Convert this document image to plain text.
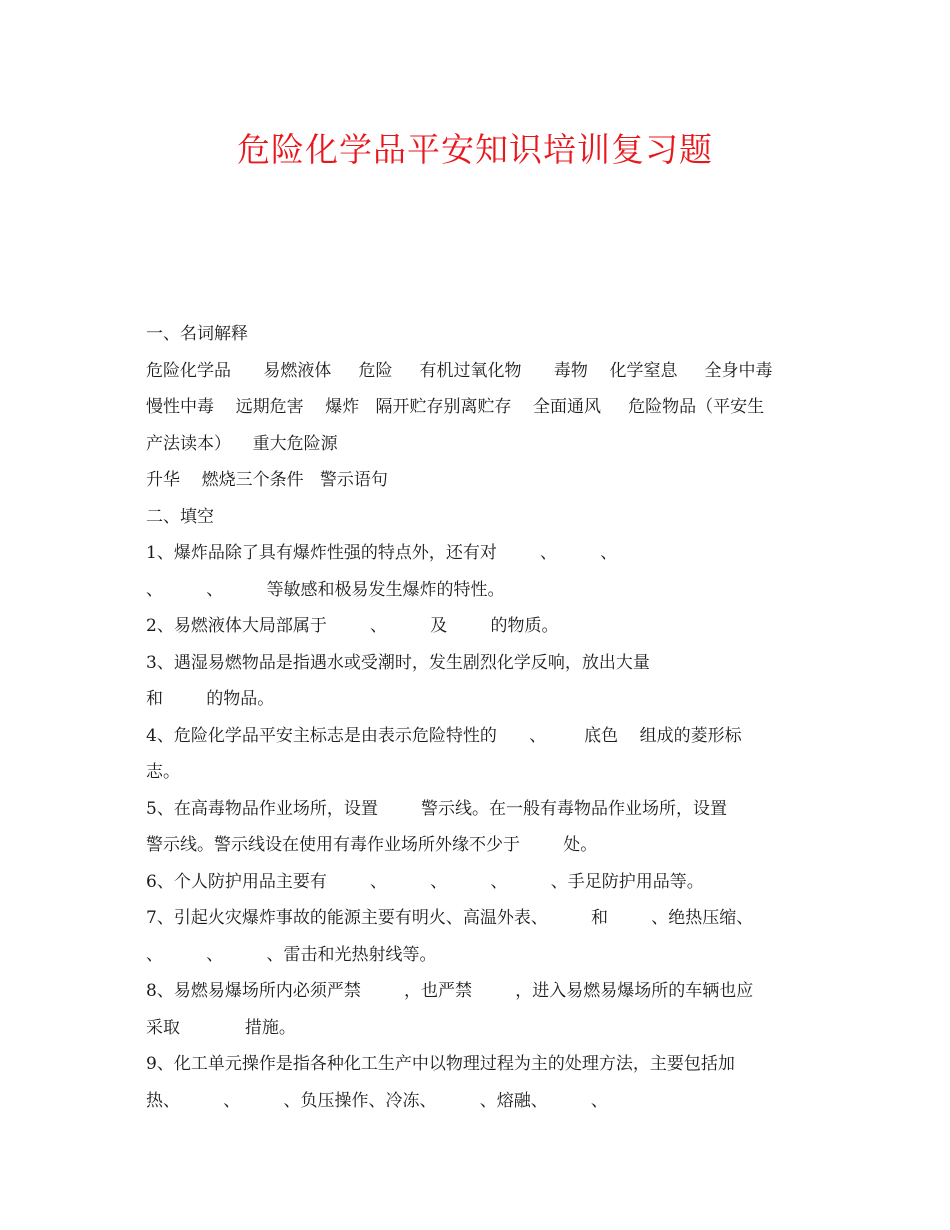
危险化学品平安知识培训复习题
一、名词解释
危险化学品      易燃液体     危险     有机过氧化物      毒物    化学窒息     全身中毒
慢性中毒    远期危害    爆炸   隔开贮存别离贮存    全面通风     危险物品（平安生
产法读本）    重大危险源
升华    燃烧三个条件   警示语句
二、填空
1、爆炸品除了具有爆炸性强的特点外，还有对        、        、
、        、        等敏感和极易发生爆炸的特性。
2、易燃液体大局部属于        、        及        的物质。
3、遇湿易燃物品是指遇水或受潮时，发生剧烈化学反响，放出大量
和        的物品。
4、危险化学品平安主标志是由表示危险特性的      、       底色    组成的菱形标
志。
5、在高毒物品作业场所，设置        警示线。在一般有毒物品作业场所，设置
警示线。警示线设在使用有毒作业场所外缘不少于        处。
6、个人防护用品主要有        、        、        、        、手足防护用品等。
7、引起火灾爆炸事故的能源主要有明火、高温外表、        和        、绝热压缩、
、        、        、雷击和光热射线等。
8、易燃易爆场所内必须严禁        ，也严禁        ，进入易燃易爆场所的车辆也应
采取            措施。
9、化工单元操作是指各种化工生产中以物理过程为主的处理方法，主要包括加
热、        、        、负压操作、冷冻、        、熔融、        、
